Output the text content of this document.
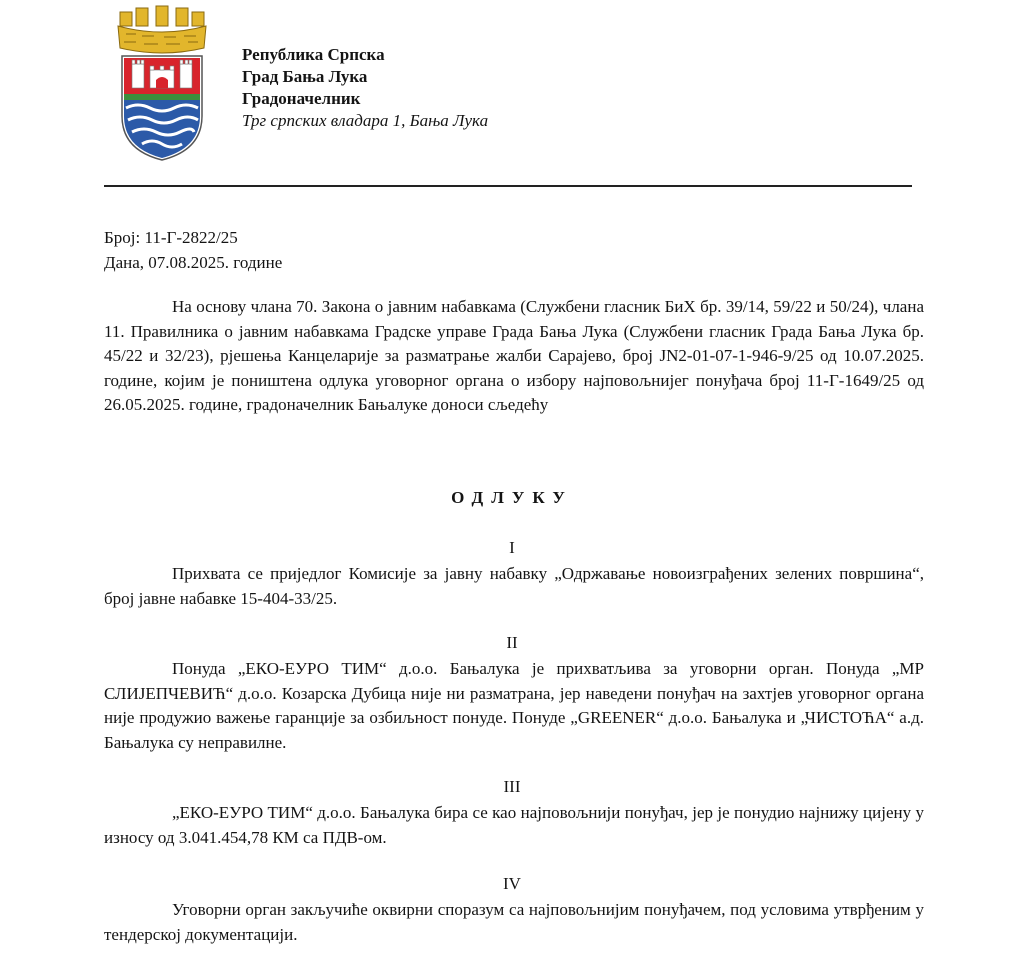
Република Српска
Град Бања Лука
Градоначелник
Трг српских владара 1, Бања Лука
Број: 11-Г-2822/25
Дана, 07.08.2025. године
На основу члана 70. Закона о јавним набавкама (Службени гласник БиХ бр. 39/14, 59/22 и 50/24), члана 11. Правилника о јавним набавкама Градске управе Града Бања Лука (Службени гласник Града Бања Лука бр. 45/22 и 32/23), рјешења Канцеларије за разматрање жалби Сарајево, број JN2-01-07-1-946-9/25 од 10.07.2025. године, којим је поништена одлука уговорног органа о избору најповољнијег понуђача број 11-Г-1649/25 од 26.05.2025. године, градоначелник Бањалуке доноси сљедећу
ОДЛУКУ
I
Прихвата се приједлог Комисије за јавну набавку „Одржавање новоизграђених зелених површина“, број јавне набавке 15-404-33/25.
II
Понуда „ЕКО-ЕУРО ТИМ“ д.о.о. Бањалука је прихватљива за уговорни орган. Понуда „МР СЛИЈЕПЧЕВИЋ“ д.о.о. Козарска Дубица није ни разматрана, јер наведени понуђач на захтјев уговорног органа није продужио важење гаранције за озбиљност понуде. Понуде „GREENER“ д.о.о. Бањалука и „ЧИСТОЋА“ а.д. Бањалука су неправилне.
III
„ЕКО-ЕУРО ТИМ“ д.о.о. Бањалука бира се као најповољнији понуђач, јер је понудио најнижу цијену у износу од 3.041.454,78 КМ са ПДВ-ом.
IV
Уговорни орган закључиће оквирни споразум са најповољнијим понуђачем, под условима утврђеним у тендерској документацији.
